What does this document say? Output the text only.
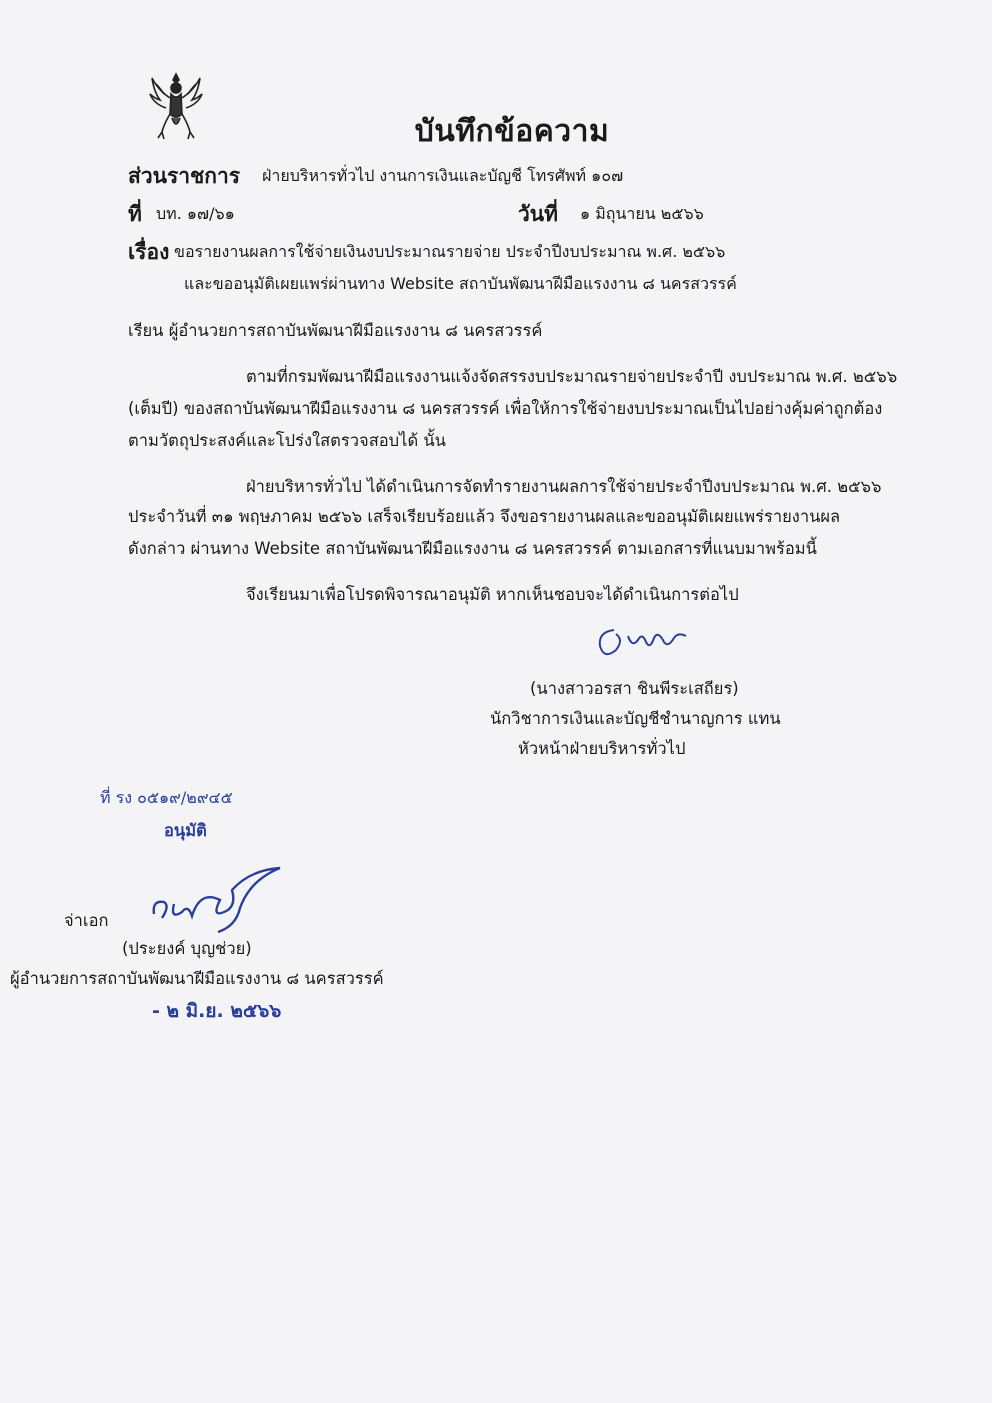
บันทึกข้อความ
ส่วนราชการ ฝ่ายบริหารทั่วไป งานการเงินและบัญชี โทรศัพท์ ๑๐๗
ที่ บท. ๑๗/๖๑	วันที่ ๑ มิถุนายน ๒๕๖๖
เรื่อง ขอรายงานผลการใช้จ่ายเงินงบประมาณรายจ่าย ประจำปีงบประมาณ พ.ศ. ๒๕๖๖
และขออนุมัติเผยแพร่ผ่านทาง Website สถาบันพัฒนาฝีมือแรงงาน ๘ นครสวรรค์
เรียน ผู้อำนวยการสถาบันพัฒนาฝีมือแรงงาน ๘ นครสวรรค์
ตามที่กรมพัฒนาฝีมือแรงงานแจ้งจัดสรรงบประมาณรายจ่ายประจำปี งบประมาณ พ.ศ. ๒๕๖๖
(เต็มปี) ของสถาบันพัฒนาฝีมือแรงงาน ๘ นครสวรรค์ เพื่อให้การใช้จ่ายงบประมาณเป็นไปอย่างคุ้มค่าถูกต้อง
ตามวัตถุประสงค์และโปร่งใสตรวจสอบได้ นั้น
ฝ่ายบริหารทั่วไป ได้ดำเนินการจัดทำรายงานผลการใช้จ่ายประจำปีงบประมาณ พ.ศ. ๒๕๖๖
ประจำวันที่ ๓๑ พฤษภาคม ๒๕๖๖ เสร็จเรียบร้อยแล้ว จึงขอรายงานผลและขออนุมัติเผยแพร่รายงานผล
ดังกล่าว ผ่านทาง Website สถาบันพัฒนาฝีมือแรงงาน ๘ นครสวรรค์ ตามเอกสารที่แนบมาพร้อมนี้
จึงเรียนมาเพื่อโปรดพิจารณาอนุมัติ หากเห็นชอบจะได้ดำเนินการต่อไป
(นางสาวอรสา ชินพีระเสถียร)
นักวิชาการเงินและบัญชีชำนาญการ แทน
หัวหน้าฝ่ายบริหารทั่วไป
ที่ รง ๐๕๑๙/๒๙๔๕
อนุมัติ
จ่าเอก
(ประยงค์ บุญช่วย)
ผู้อำนวยการสถาบันพัฒนาฝีมือแรงงาน ๘ นครสวรรค์
- ๒ มิ.ย. ๒๕๖๖
